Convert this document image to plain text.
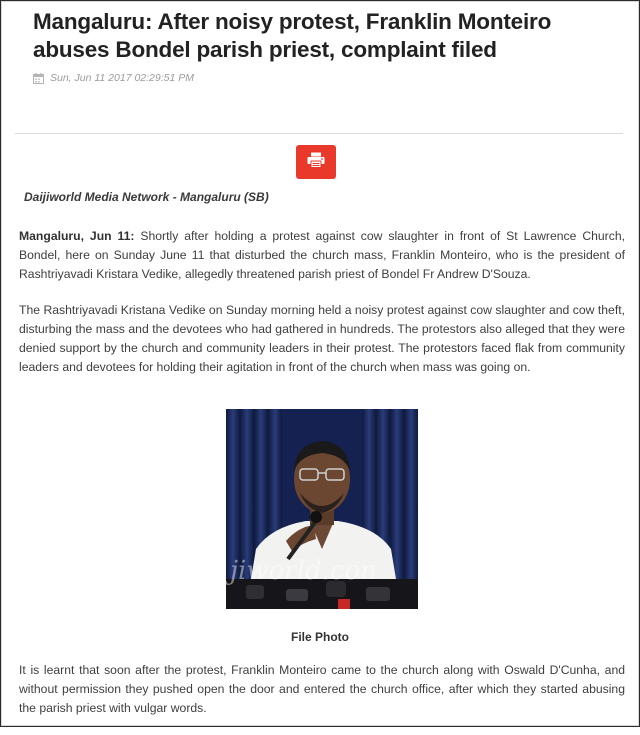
Mangaluru: After noisy protest, Franklin Monteiro abuses Bondel parish priest, complaint filed
Sun, Jun 11 2017 02:29:51 PM
Daijiworld Media Network - Mangaluru (SB)

Mangaluru, Jun 11: Shortly after holding a protest against cow slaughter in front of St Lawrence Church, Bondel, here on Sunday June 11 that disturbed the church mass, Franklin Monteiro, who is the president of Rashtriyavadi Kristara Vedike, allegedly threatened parish priest of Bondel Fr Andrew D'Souza.

The Rashtriyavadi Kristana Vedike on Sunday morning held a noisy protest against cow slaughter and cow theft, disturbing the mass and the devotees who had gathered in hundreds. The protestors also alleged that they were denied support by the church and community leaders in their protest. The protestors faced flak from community leaders and devotees for holding their agitation in front of the church when mass was going on.

jiworld.con
File Photo

It is learnt that soon after the protest, Franklin Monteiro came to the church along with Oswald D'Cunha, and without permission they pushed open the door and entered the church office, after which they started abusing the parish priest with vulgar words.
